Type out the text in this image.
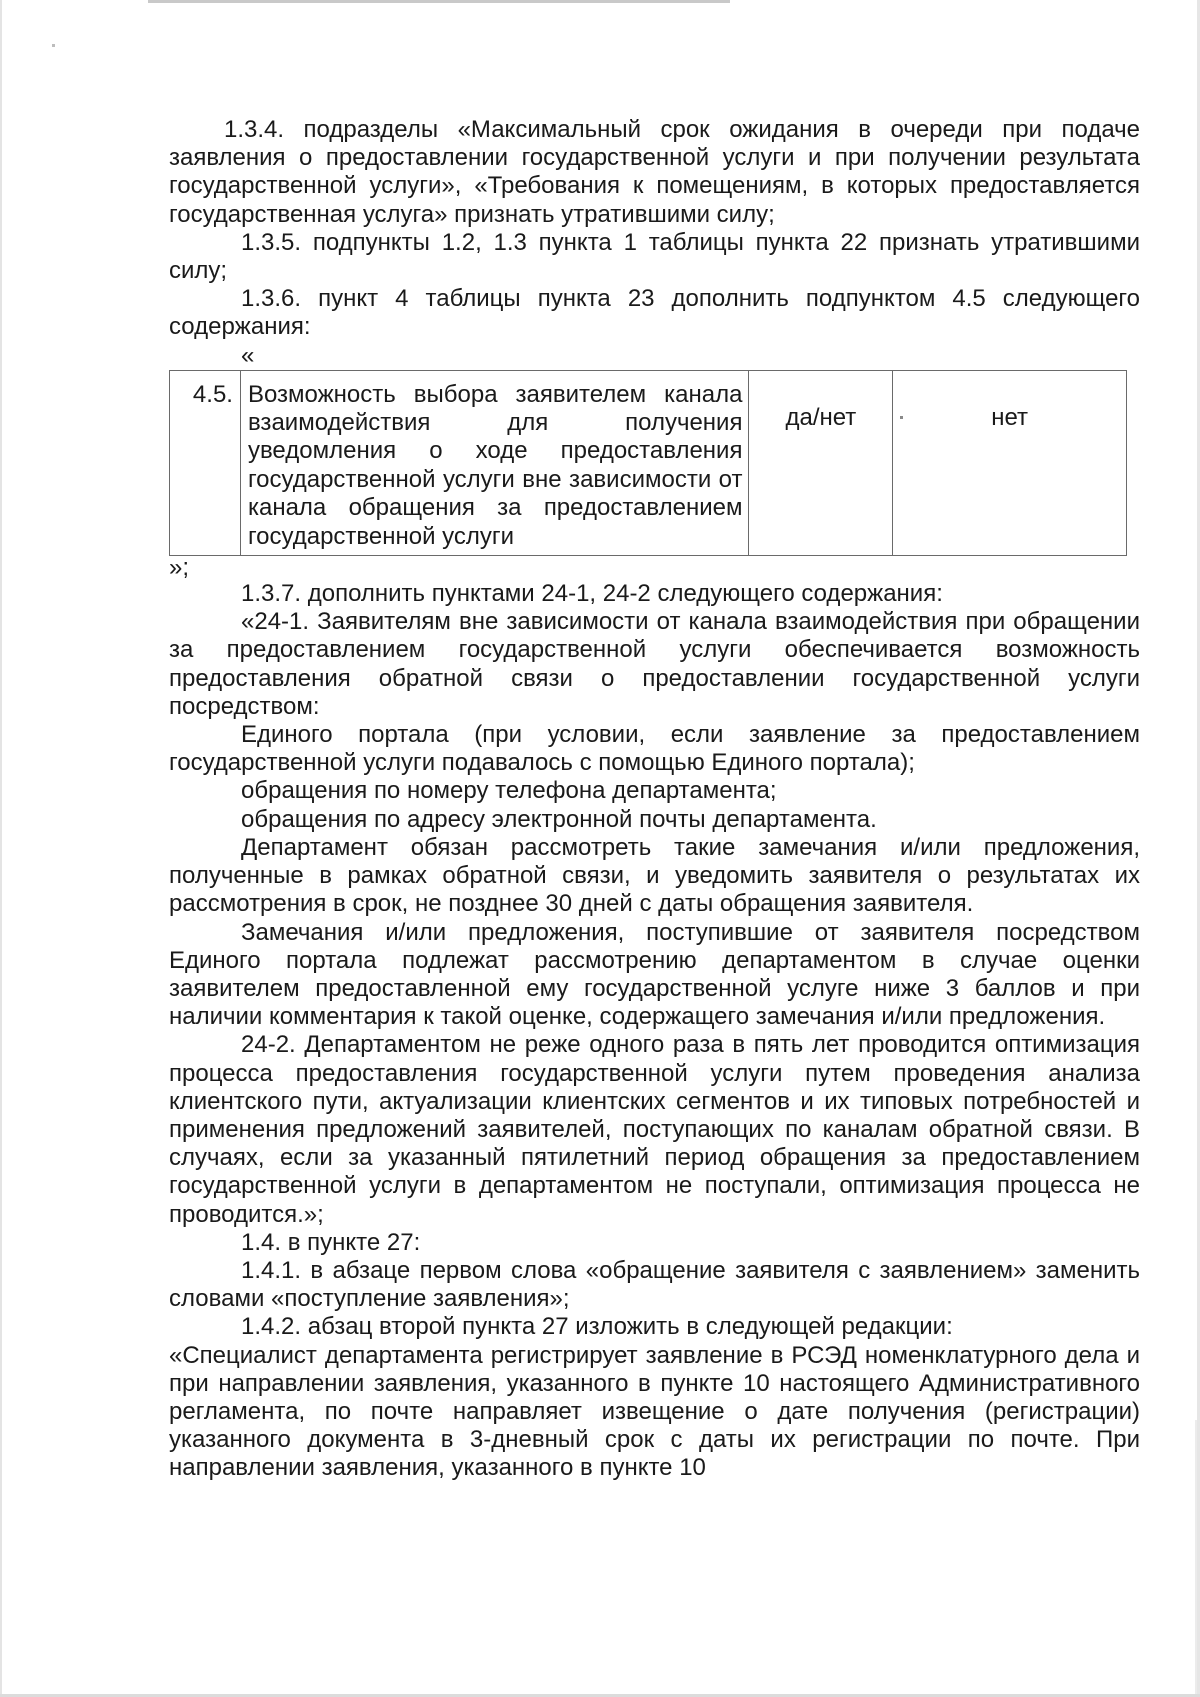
1.3.4. подразделы «Максимальный срок ожидания в очереди при подаче заявления о предоставлении государственной услуги и при получении результата государственной услуги», «Требования к помещениям, в которых предоставляется государственная услуга» признать утратившими силу;

1.3.5. подпункты 1.2, 1.3 пункта 1 таблицы пункта 22 признать утратившими силу;

1.3.6. пункт 4 таблицы пункта 23 дополнить подпунктом 4.5 следующего содержания:

«

4.5.	Возможность выбора заявителем канала взаимодействия для получения уведомления о ходе предоставления государственной услуги вне зависимости от канала обращения за предоставлением государственной услуги	да/нет	нет

»;

1.3.7. дополнить пунктами 24-1, 24-2 следующего содержания:

«24-1. Заявителям вне зависимости от канала взаимодействия при обращении за предоставлением государственной услуги обеспечивается возможность предоставления обратной связи о предоставлении государственной услуги посредством:

Единого портала (при условии, если заявление за предоставлением государственной услуги подавалось с помощью Единого портала);

обращения по номеру телефона департамента;

обращения по адресу электронной почты департамента.

Департамент обязан рассмотреть такие замечания и/или предложения, полученные в рамках обратной связи, и уведомить заявителя о результатах их рассмотрения в срок, не позднее 30 дней с даты обращения заявителя.

Замечания и/или предложения, поступившие от заявителя посредством Единого портала подлежат рассмотрению департаментом в случае оценки заявителем предоставленной ему государственной услуге ниже 3 баллов и при наличии комментария к такой оценке, содержащего замечания и/или предложения.

24-2. Департаментом не реже одного раза в пять лет проводится оптимизация процесса предоставления государственной услуги путем проведения анализа клиентского пути, актуализации клиентских сегментов и их типовых потребностей и применения предложений заявителей, поступающих по каналам обратной связи. В случаях, если за указанный пятилетний период обращения за предоставлением государственной услуги в департаментом не поступали, оптимизация процесса не проводится.»;

1.4. в пункте 27:

1.4.1. в абзаце первом слова «обращение заявителя с заявлением» заменить словами «поступление заявления»;

1.4.2. абзац второй пункта 27 изложить в следующей редакции:

«Специалист департамента регистрирует заявление в РСЭД номенклатурного дела и при направлении заявления, указанного в пункте 10 настоящего Административного регламента, по почте направляет извещение о дате получения (регистрации) указанного документа в 3-дневный срок с даты их регистрации по почте. При направлении заявления, указанного в пункте 10
